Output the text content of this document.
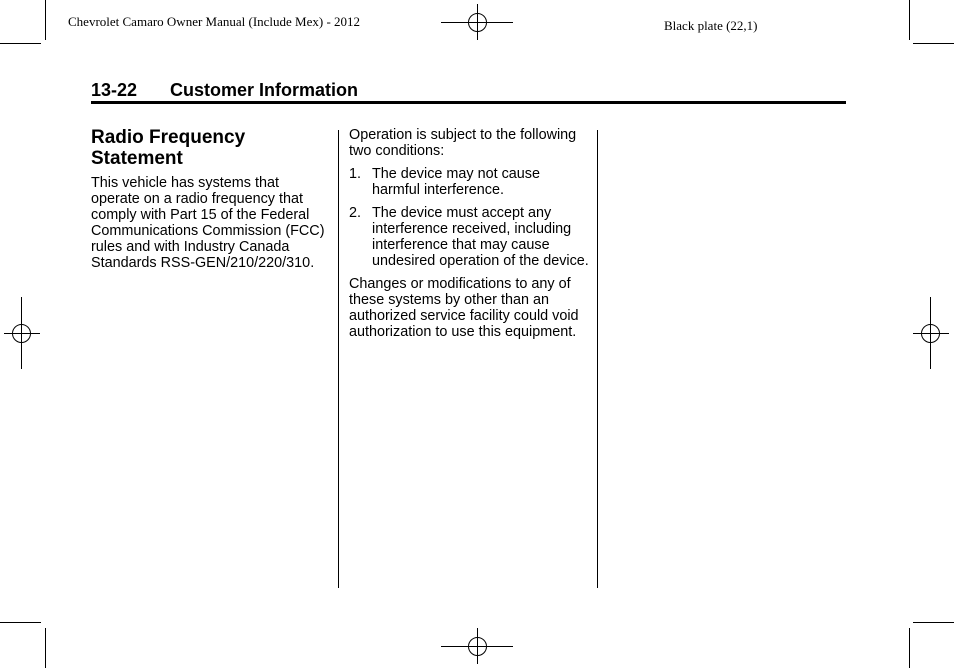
Chevrolet Camaro Owner Manual (Include Mex) - 2012	Black plate (22,1)
13-22 Customer Information
Radio Frequency Statement

This vehicle has systems that operate on a radio frequency that comply with Part 15 of the Federal Communications Commission (FCC) rules and with Industry Canada Standards RSS-GEN/210/220/310.

Operation is subject to the following two conditions:

1. The device may not cause harmful interference.
2. The device must accept any interference received, including interference that may cause undesired operation of the device.

Changes or modifications to any of these systems by other than an authorized service facility could void authorization to use this equipment.
